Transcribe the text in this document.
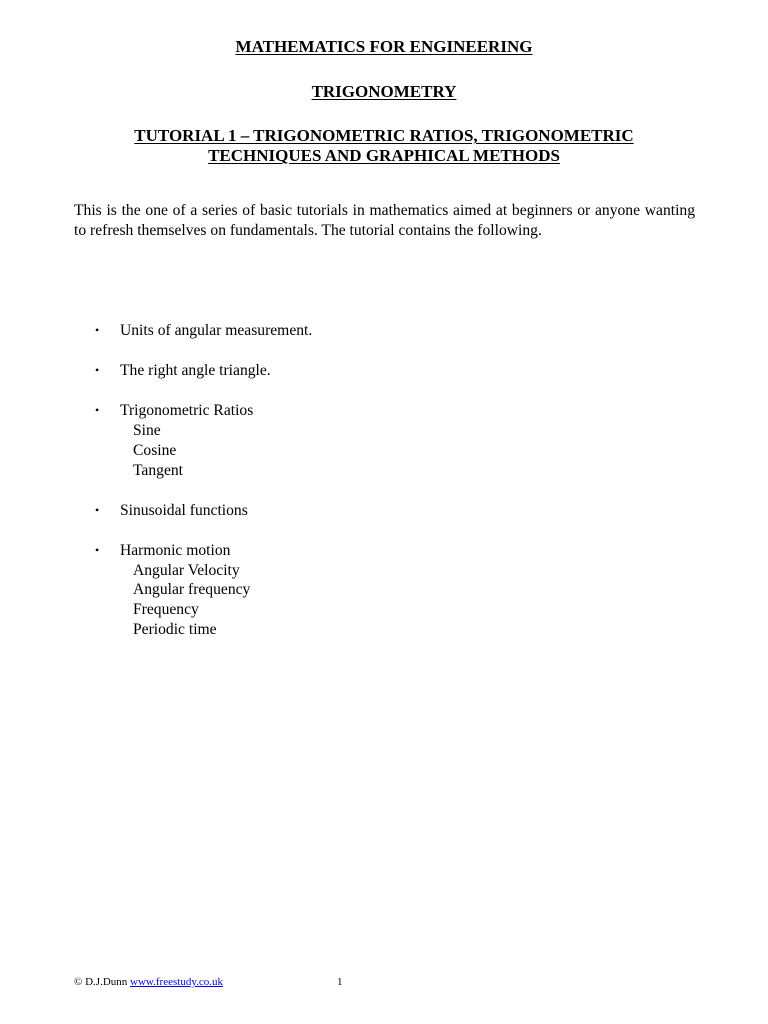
MATHEMATICS FOR ENGINEERING
TRIGONOMETRY
TUTORIAL 1 – TRIGONOMETRIC RATIOS, TRIGONOMETRIC
TECHNIQUES AND GRAPHICAL METHODS

This is the one of a series of basic tutorials in mathematics aimed at beginners or anyone wanting to refresh themselves on fundamentals. The tutorial contains the following.

• Units of angular measurement.
• The right angle triangle.
• Trigonometric Ratios
Sine
Cosine
Tangent
• Sinusoidal functions
• Harmonic motion
Angular Velocity
Angular frequency
Frequency
Periodic time
© D.J.Dunn www.freestudy.co.uk	1
